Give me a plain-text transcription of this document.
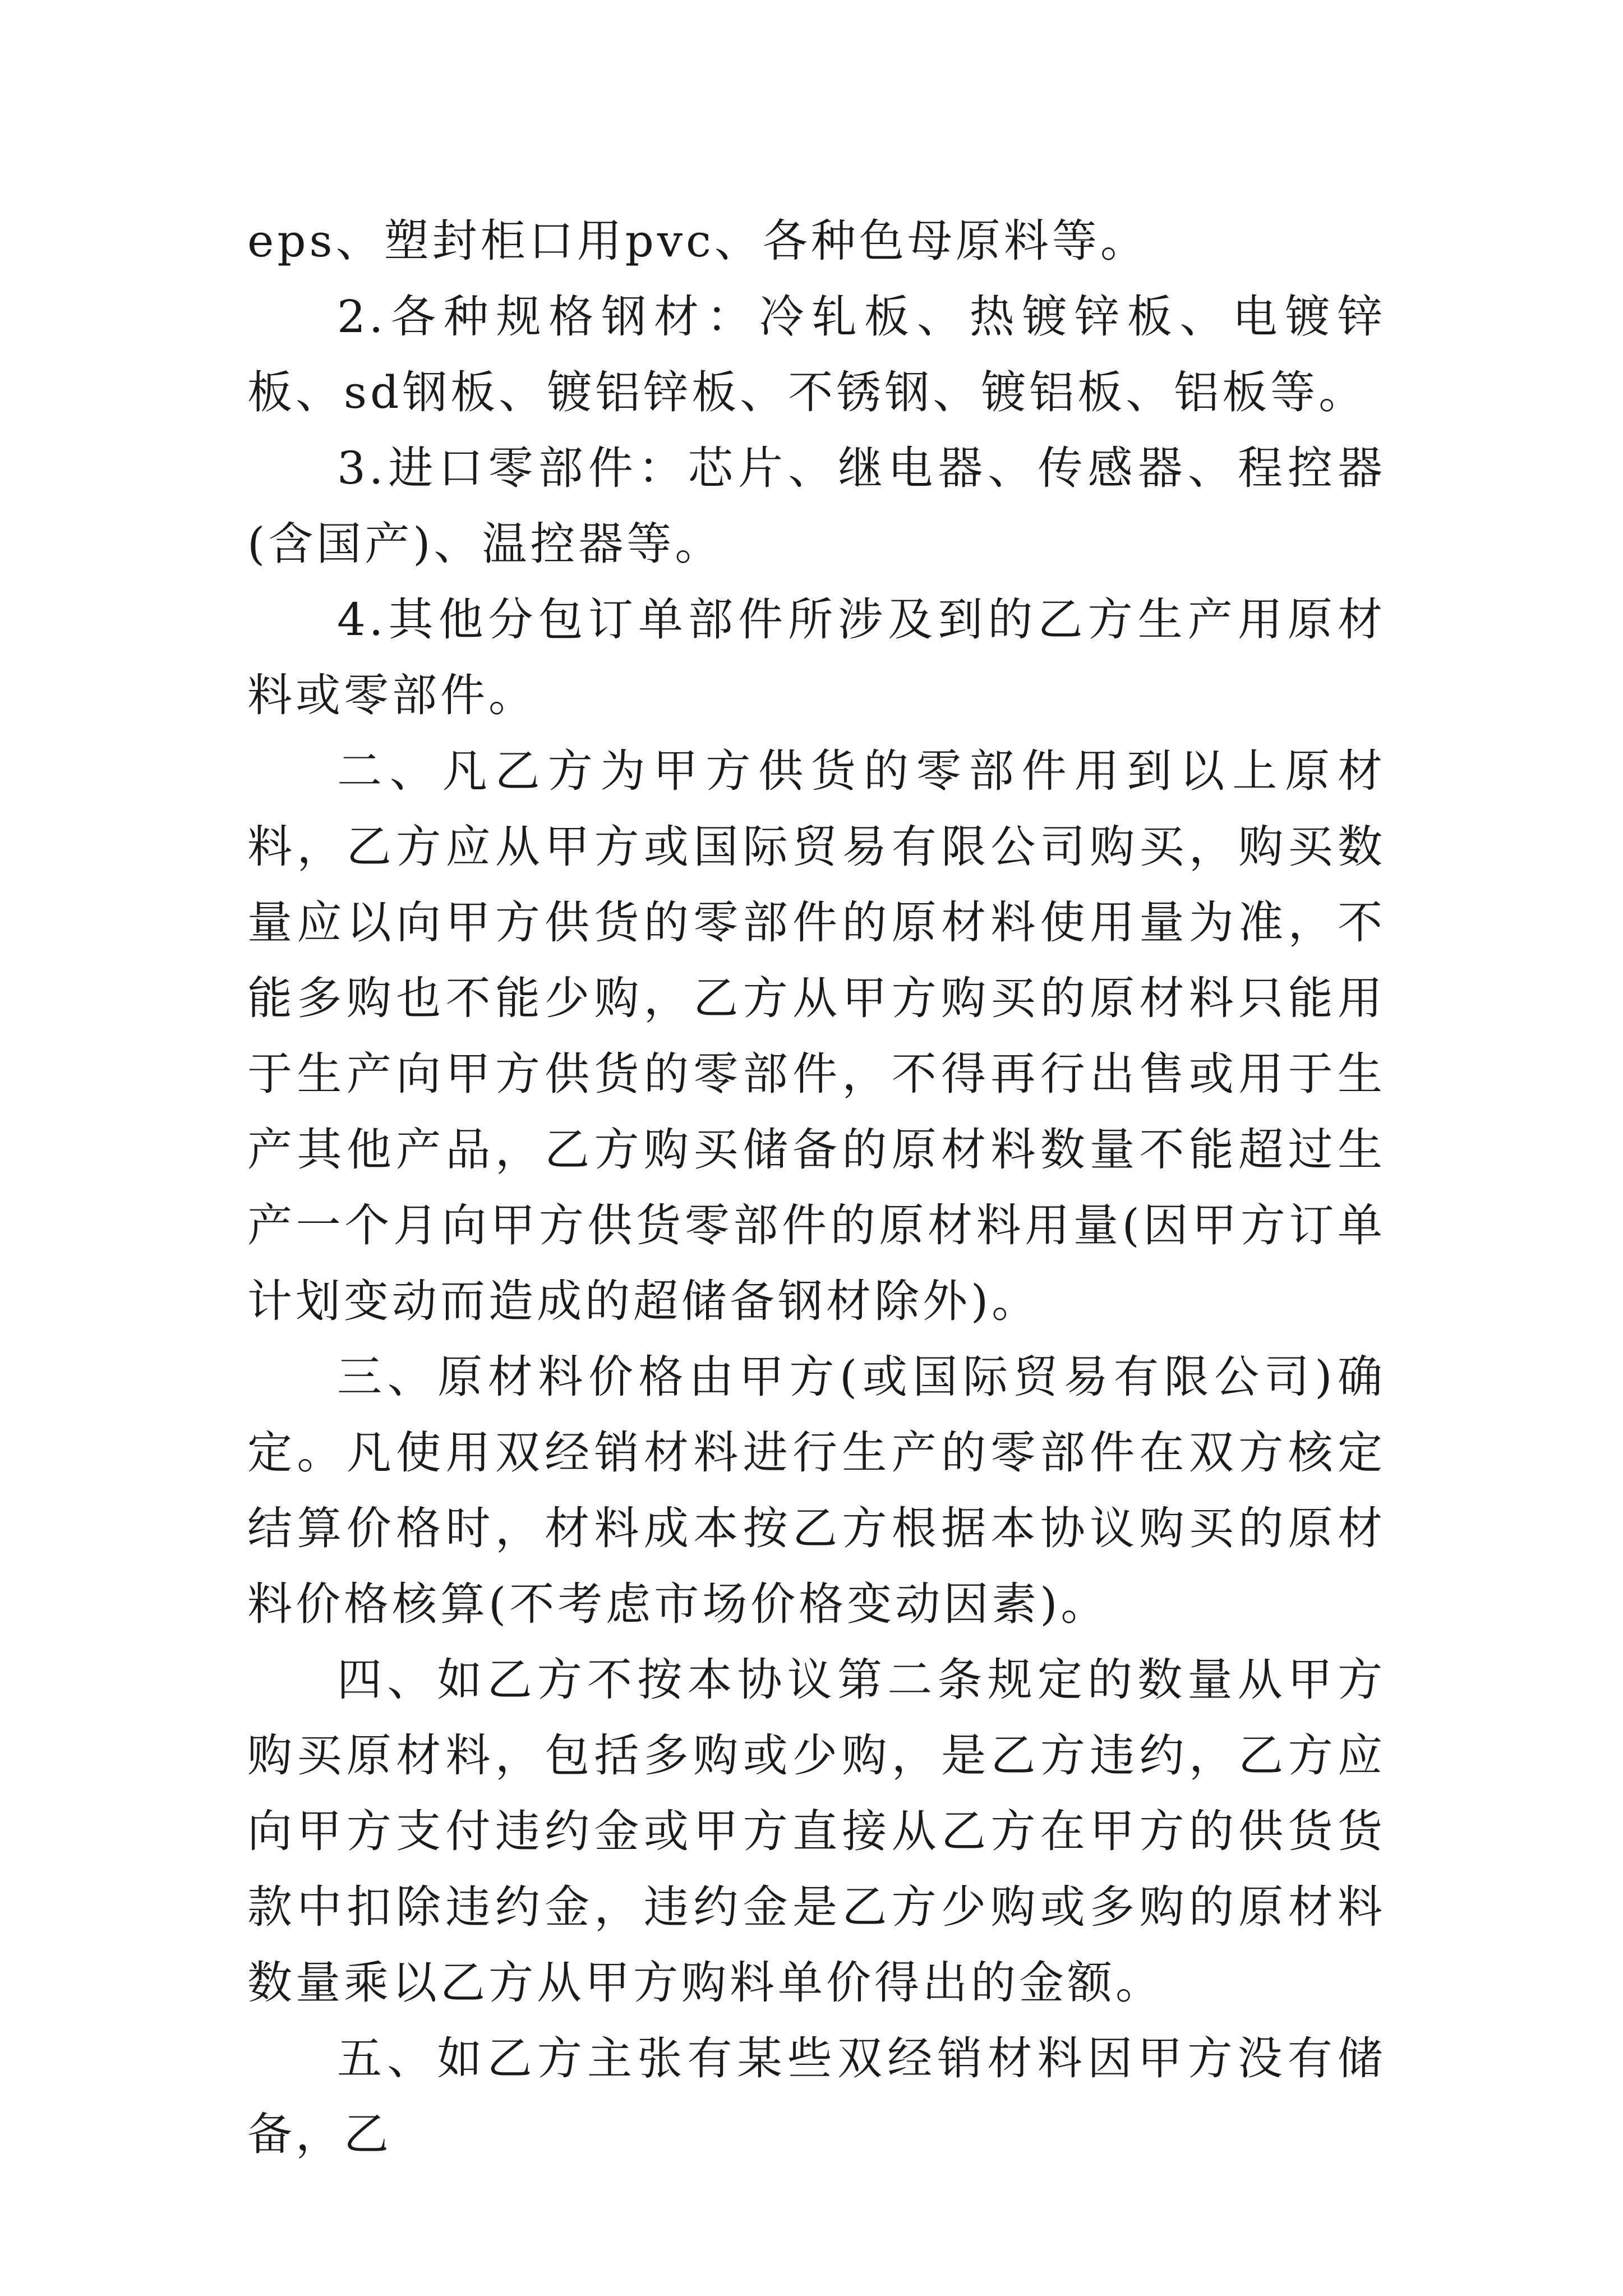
eps、塑封柜口用pvc、各种色母原料等。

2.各种规格钢材：冷轧板、热镀锌板、电镀锌板、sd钢板、镀铝锌板、不锈钢、镀铝板、铝板等。

3.进口零部件：芯片、继电器、传感器、程控器(含国产)、温控器等。

4.其他分包订单部件所涉及到的乙方生产用原材料或零部件。

二、凡乙方为甲方供货的零部件用到以上原材料，乙方应从甲方或国际贸易有限公司购买，购买数量应以向甲方供货的零部件的原材料使用量为准，不能多购也不能少购，乙方从甲方购买的原材料只能用于生产向甲方供货的零部件，不得再行出售或用于生产其他产品，乙方购买储备的原材料数量不能超过生产一个月向甲方供货零部件的原材料用量(因甲方订单计划变动而造成的超储备钢材除外)。

三、原材料价格由甲方(或国际贸易有限公司)确定。凡使用双经销材料进行生产的零部件在双方核定结算价格时，材料成本按乙方根据本协议购买的原材料价格核算(不考虑市场价格变动因素)。

四、如乙方不按本协议第二条规定的数量从甲方购买原材料，包括多购或少购，是乙方违约，乙方应向甲方支付违约金或甲方直接从乙方在甲方的供货货款中扣除违约金，违约金是乙方少购或多购的原材料数量乘以乙方从甲方购料单价得出的金额。

五、如乙方主张有某些双经销材料因甲方没有储备，乙
